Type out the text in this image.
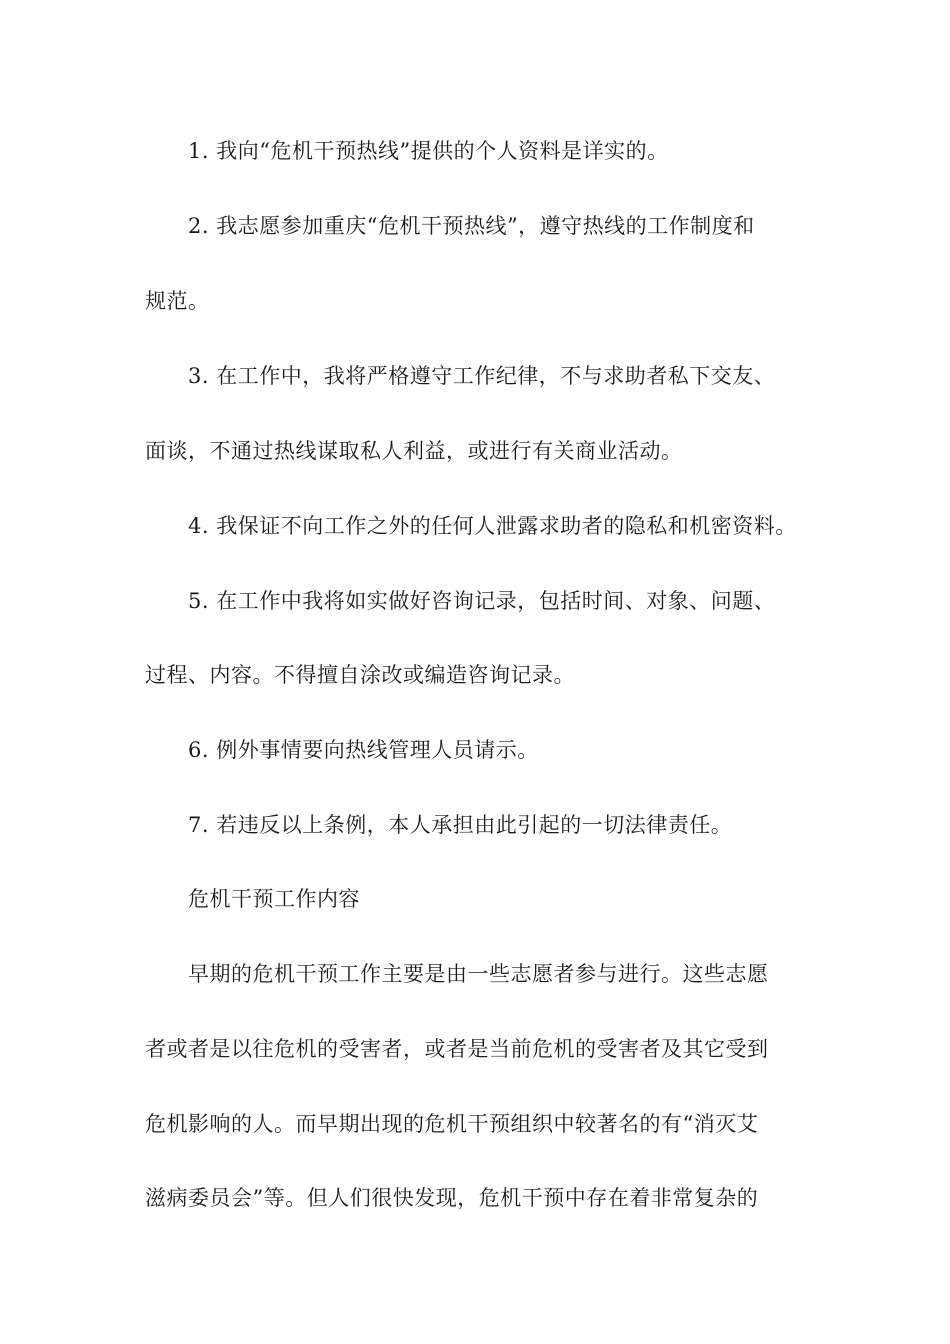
1. 我向“危机干预热线”提供的个人资料是详实的。
2. 我志愿参加重庆“危机干预热线”，遵守热线的工作制度和
规范。
3. 在工作中，我将严格遵守工作纪律，不与求助者私下交友、
面谈，不通过热线谋取私人利益，或进行有关商业活动。
4. 我保证不向工作之外的任何人泄露求助者的隐私和机密资料。
5. 在工作中我将如实做好咨询记录，包括时间、对象、问题、
过程、内容。不得擅自涂改或编造咨询记录。
6. 例外事情要向热线管理人员请示。
7. 若违反以上条例，本人承担由此引起的一切法律责任。
危机干预工作内容
早期的危机干预工作主要是由一些志愿者参与进行。这些志愿
者或者是以往危机的受害者，或者是当前危机的受害者及其它受到
危机影响的人。而早期出现的危机干预组织中较著名的有“消灭艾
滋病委员会”等。但人们很快发现，危机干预中存在着非常复杂的
